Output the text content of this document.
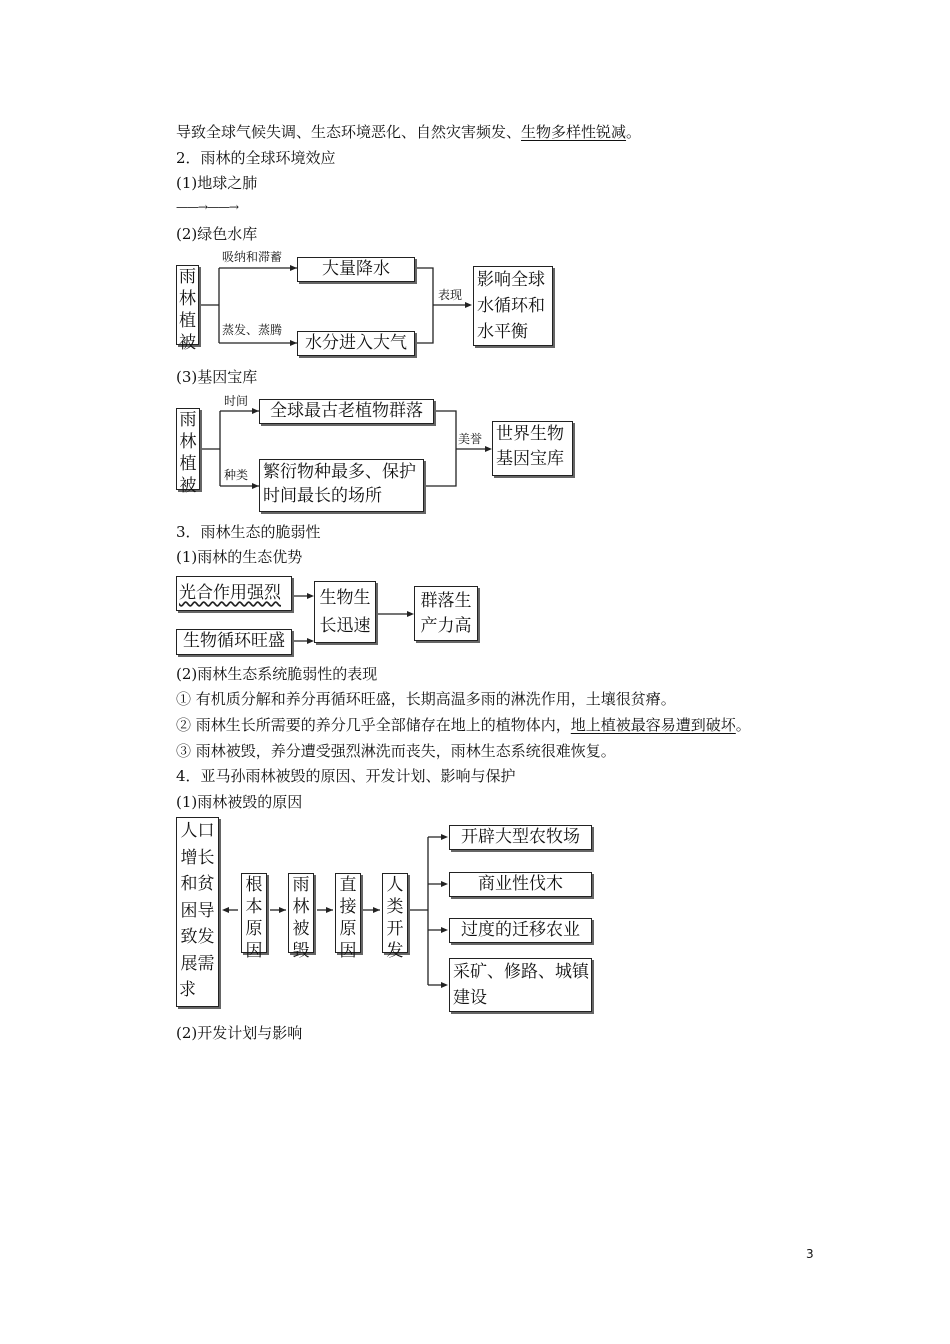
导致全球气候失调、生态环境恶化、自然灾害频发、生物多样性锐减。
2．雨林的全球环境效应
(1)地球之肺
——→——→
(2)绿色水库
雨
林
植
被
吸纳和滞蓄
大量降水
蒸发、蒸腾
水分进入大气
表现
影响全球
水循环和
水平衡
(3)基因宝库
雨
林
植
被
时间	全球最古老植物群落
种类 繁衍物种最多、保护
时间最长的场所
美誉 世界生物
基因宝库
3．雨林生态的脆弱性
(1)雨林的生态优势
光合作用强烈
生物循环旺盛
生物生
长迅速
群落生
产力高
(2)雨林生态系统脆弱性的表现
① 有机质分解和养分再循环旺盛，长期高温多雨的淋洗作用，土壤很贫瘠。
② 雨林生长所需要的养分几乎全部储存在地上的植物体内，地上植被最容易遭到破坏。
③ 雨林被毁，养分遭受强烈淋洗而丧失，雨林生态系统很难恢复。
4．亚马孙雨林被毁的原因、开发计划、影响与保护
(1)雨林被毁的原因
人口
增长
和贫
困导
致发
展需
求
根
本
原
因
雨
林
被
毁
直
接
原
因
人
类
开
发
开辟大型农牧场
商业性伐木
过度的迁移农业
采矿、修路、城镇
建设
(2)开发计划与影响
3
